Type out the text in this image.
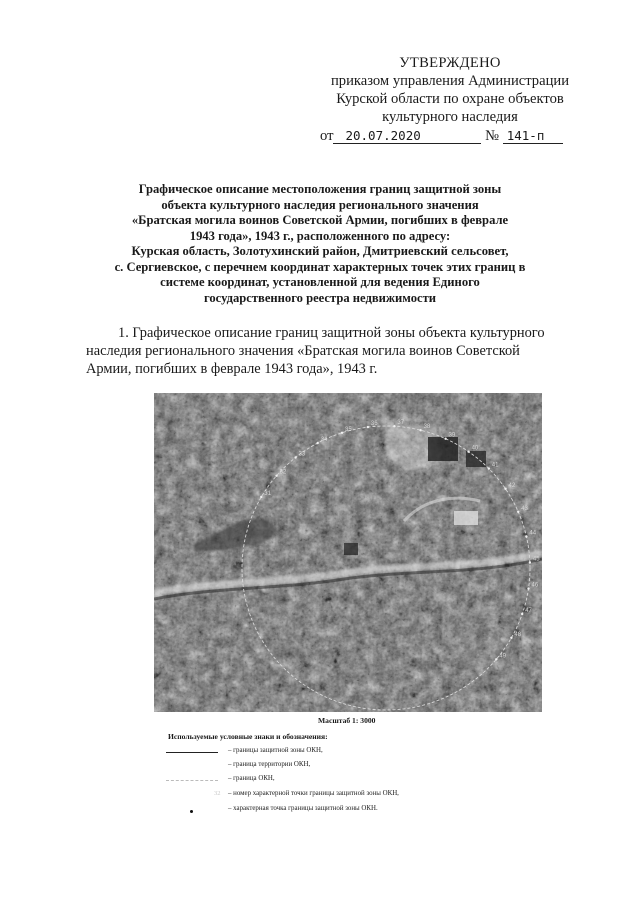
УТВЕРЖДЕНО
приказом управления Администрации
Курской области по охране объектов
культурного наследия
от 20.07.2020	№ 141-п
Графическое описание местоположения границ защитной зоны
объекта культурного наследия регионального значения
«Братская могила воинов Советской Армии, погибших в феврале
1943 года», 1943 г., расположенного по адресу:
Курская область, Золотухинский район, Дмитриевский сельсовет,
с. Сергиевское, с перечнем координат характерных точек этих границ в
системе координат, установленной для ведения Единого
государственного реестра недвижимости

1. Графическое описание границ защитной зоны объекта культурного

наследия регионального значения «Братская могила воинов Советской

Армии, погибших в феврале 1943 года», 1943 г.

31
32
33
34
35
36	37
38
39
40
41
42
43
44
45
46
47
48
49
Масштаб 1: 3000
Используемые условные знаки и обозначения:
– границы защитной зоны ОКН,
– граница территории ОКН,
– граница ОКН,
32 – номер характерной точки границы защитной зоны ОКН,
– характерная точка границы защитной зоны ОКН.
